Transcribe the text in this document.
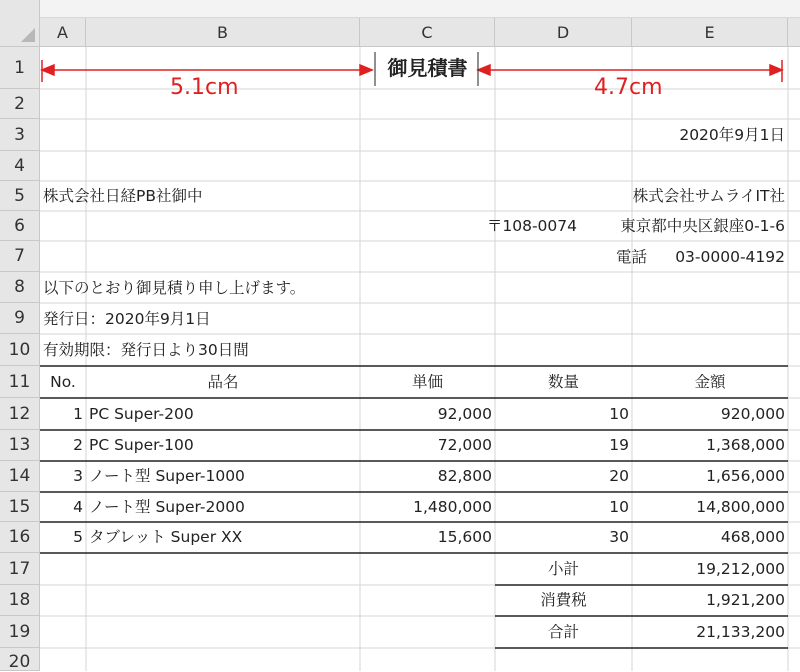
A	B	C	D	E
1
2
3
4
5
6
7
8
9
10
11
12
13
14
15
16
17
18
19
20
御見積書
5.1cm	4.7cm
2020年9月1日
株式会社日経PB社御中	株式会社サムライIT社
〒108-0074	東京都中央区銀座0-1-6
電話	03-0000-4192
以下のとおり御見積り申し上げます。
発行日：2020年9月1日
有効期限：発行日より30日間
No.	品名	単価	数量	金額
1 PC Super-200	92,000	10	920,000
2 PC Super-100	72,000	19	1,368,000
3 ノート型 Super-1000	82,800	20	1,656,000
4 ノート型 Super-2000	1,480,000	10	14,800,000
5 タブレット Super XX	15,600	30	468,000
小計	19,212,000
消費税	1,921,200
合計	21,133,200
